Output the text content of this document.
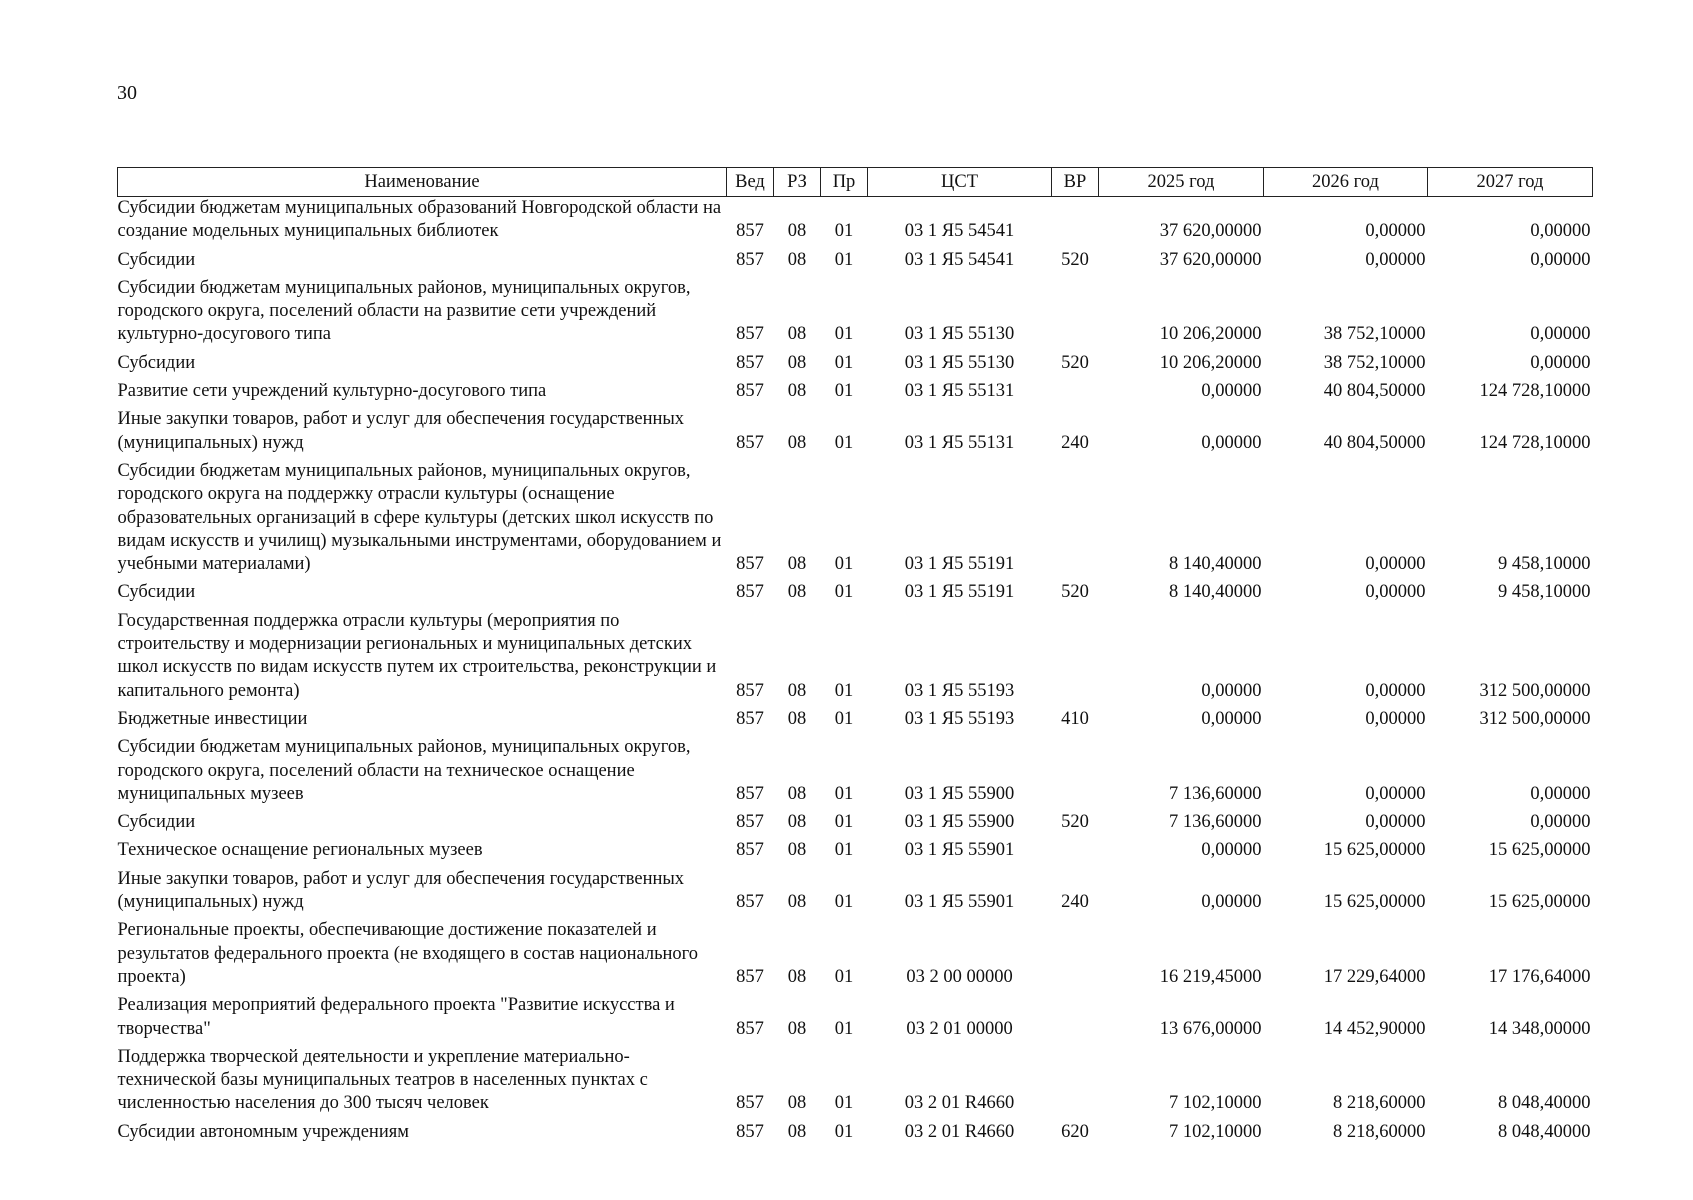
30
Наименование	Вед	РЗ	Пр	ЦСТ	ВР	2025 год	2026 год	2027 год
Субсидии бюджетам муниципальных образований Новгородской области на создание модельных муниципальных библиотек	857	08	01	03 1 Я5 54541		37 620,00000	0,00000	0,00000
Субсидии	857	08	01	03 1 Я5 54541	520	37 620,00000	0,00000	0,00000
Субсидии бюджетам муниципальных районов, муниципальных округов, городского округа, поселений области на развитие сети учреждений культурно-досугового типа	857	08	01	03 1 Я5 55130		10 206,20000	38 752,10000	0,00000
Субсидии	857	08	01	03 1 Я5 55130	520	10 206,20000	38 752,10000	0,00000
Развитие сети учреждений культурно-досугового типа	857	08	01	03 1 Я5 55131		0,00000	40 804,50000	124 728,10000
Иные закупки товаров, работ и услуг для обеспечения государственных (муниципальных) нужд	857	08	01	03 1 Я5 55131	240	0,00000	40 804,50000	124 728,10000
Субсидии бюджетам муниципальных районов, муниципальных округов, городского округа на поддержку отрасли культуры (оснащение образовательных организаций в сфере культуры (детских школ искусств по видам искусств и училищ) музыкальными инструментами, оборудованием и учебными материалами)	857	08	01	03 1 Я5 55191		8 140,40000	0,00000	9 458,10000
Субсидии	857	08	01	03 1 Я5 55191	520	8 140,40000	0,00000	9 458,10000
Государственная поддержка отрасли культуры (мероприятия по строительству и модернизации региональных и муниципальных детских школ искусств по видам искусств путем их строительства, реконструкции и капитального ремонта)	857	08	01	03 1 Я5 55193		0,00000	0,00000	312 500,00000
Бюджетные инвестиции	857	08	01	03 1 Я5 55193	410	0,00000	0,00000	312 500,00000
Субсидии бюджетам муниципальных районов, муниципальных округов, городского округа, поселений области на техническое оснащение муниципальных музеев	857	08	01	03 1 Я5 55900		7 136,60000	0,00000	0,00000
Субсидии	857	08	01	03 1 Я5 55900	520	7 136,60000	0,00000	0,00000
Техническое оснащение региональных музеев	857	08	01	03 1 Я5 55901		0,00000	15 625,00000	15 625,00000
Иные закупки товаров, работ и услуг для обеспечения государственных (муниципальных) нужд	857	08	01	03 1 Я5 55901	240	0,00000	15 625,00000	15 625,00000
Региональные проекты, обеспечивающие достижение показателей и результатов федерального проекта (не входящего в состав национального проекта)	857	08	01	03 2 00 00000		16 219,45000	17 229,64000	17 176,64000
Реализация мероприятий федерального проекта "Развитие искусства и творчества"	857	08	01	03 2 01 00000		13 676,00000	14 452,90000	14 348,00000
Поддержка творческой деятельности и укрепление материально-технической базы муниципальных театров в населенных пунктах с численностью населения до 300 тысяч человек	857	08	01	03 2 01 R4660		7 102,10000	8 218,60000	8 048,40000
Субсидии автономным учреждениям	857	08	01	03 2 01 R4660	620	7 102,10000	8 218,60000	8 048,40000
